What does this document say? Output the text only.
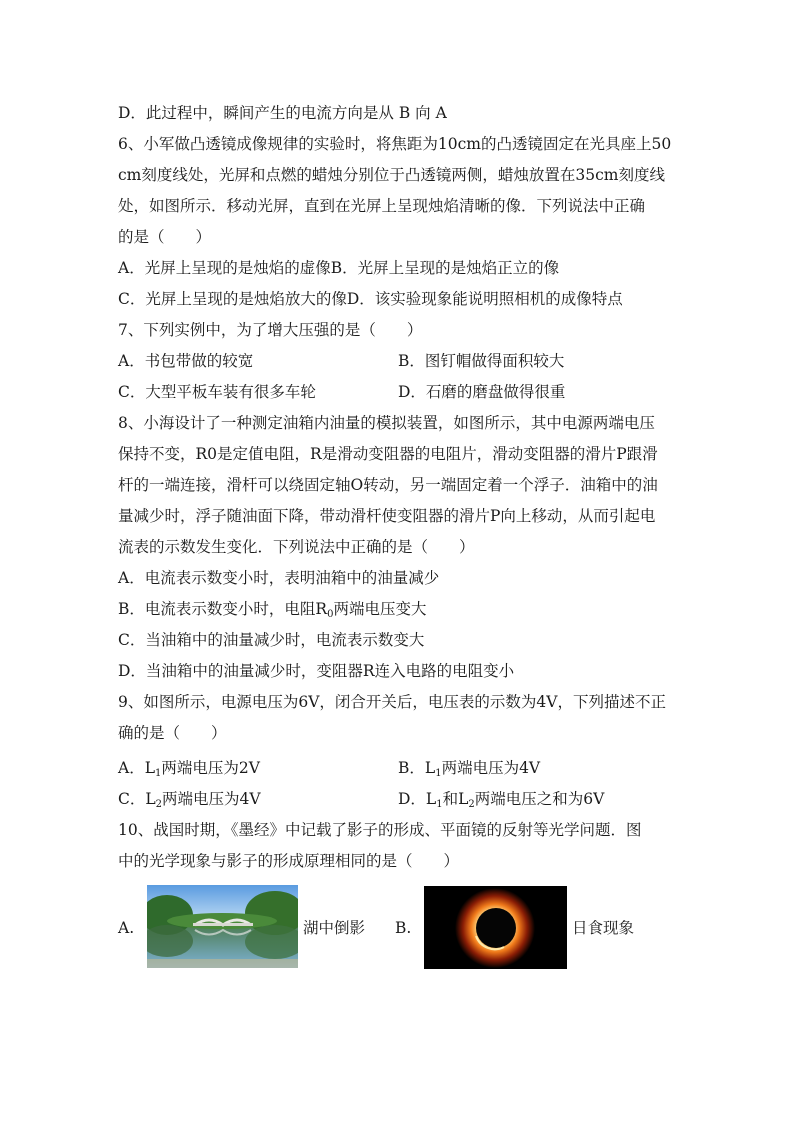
D．此过程中，瞬间产生的电流方向是从 B 向 A
6、小军做凸透镜成像规律的实验时，将焦距为10cm的凸透镜固定在光具座上50
cm刻度线处，光屏和点燃的蜡烛分别位于凸透镜两侧，蜡烛放置在35cm刻度线
处，如图所示．移动光屏，直到在光屏上呈现烛焰清晰的像．下列说法中正确
的是（　　）
A．光屏上呈现的是烛焰的虚像B．光屏上呈现的是烛焰正立的像
C．光屏上呈现的是烛焰放大的像D．该实验现象能说明照相机的成像特点
7、下列实例中，为了增大压强的是（　　）
A．书包带做的较宽	B．图钉帽做得面积较大
C．大型平板车装有很多车轮	D．石磨的磨盘做得很重
8、小海设计了一种测定油箱内油量的模拟装置，如图所示，其中电源两端电压
保持不变，R0是定值电阻，R是滑动变阻器的电阻片，滑动变阻器的滑片P跟滑
杆的一端连接，滑杆可以绕固定轴O转动，另一端固定着一个浮子．油箱中的油
量减少时，浮子随油面下降，带动滑杆使变阻器的滑片P向上移动，从而引起电
流表的示数发生变化．下列说法中正确的是（　　）
A．电流表示数变小时，表明油箱中的油量减少
B．电流表示数变小时，电阻$R_0$两端电压变大
C．当油箱中的油量减少时，电流表示数变大
D．当油箱中的油量减少时，变阻器R连入电路的电阻变小
9、如图所示，电源电压为6V，闭合开关后，电压表的示数为4V，下列描述不正
确的是（　　）
A．$L_1$两端电压为2V	B．$L_1$两端电压为4V
C．$L_2$两端电压为4V	D．$L_1$和$L_2$两端电压之和为6V
10、战国时期，《墨经》中记载了影子的形成、平面镜的反射等光学问题．图
中的光学现象与影子的形成原理相同的是（　　）
A.	湖中倒影 B.	日食现象
